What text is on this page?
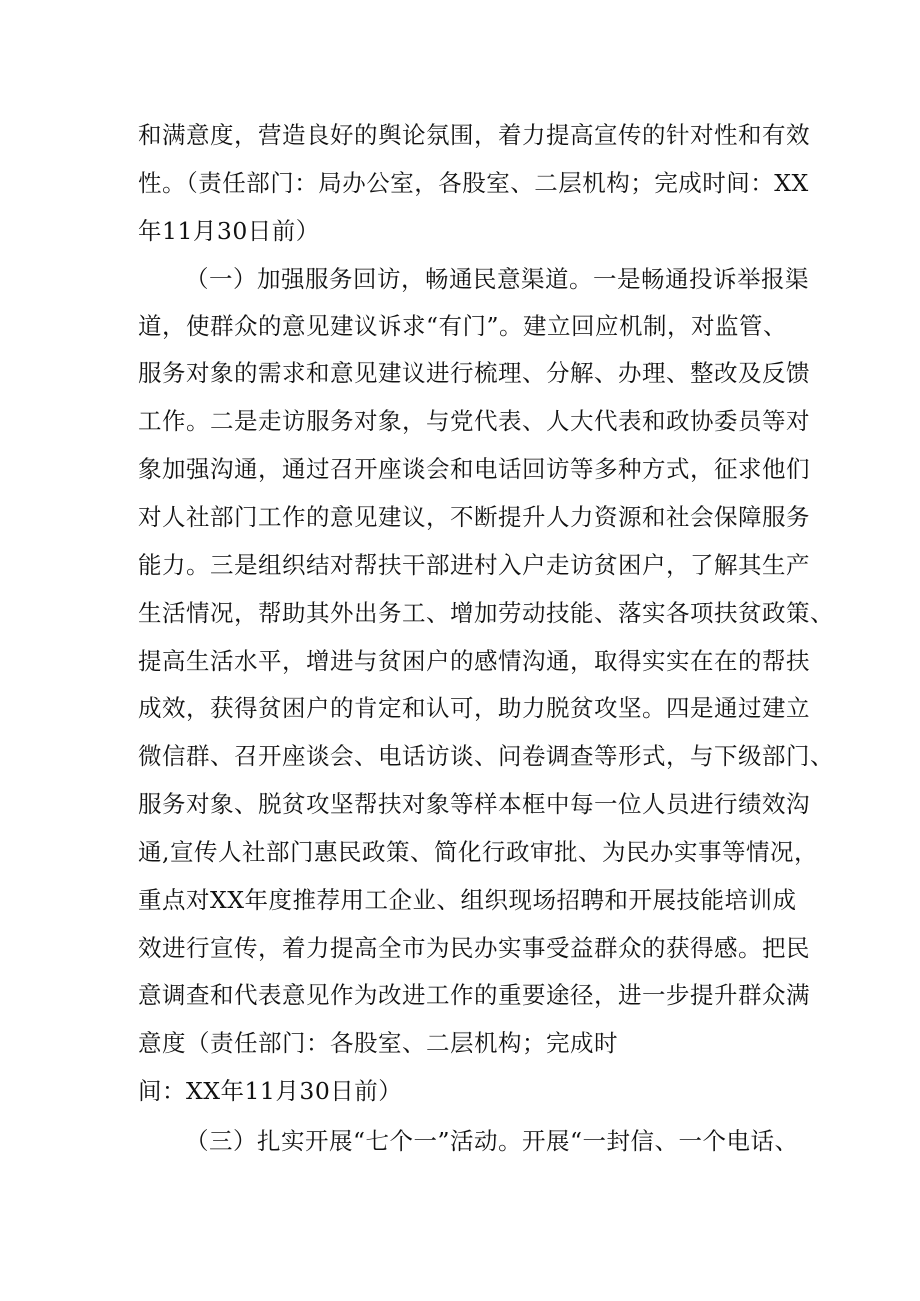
和满意度，营造良好的舆论氛围，着力提高宣传的针对性和有效
性。（责任部门：局办公室，各股室、二层机构；完成时间：XX
年11月30日前）
（一）加强服务回访，畅通民意渠道。一是畅通投诉举报渠
道，使群众的意见建议诉求“有门”。建立回应机制，对监管、
服务对象的需求和意见建议进行梳理、分解、办理、整改及反馈
工作。二是走访服务对象，与党代表、人大代表和政协委员等对
象加强沟通，通过召开座谈会和电话回访等多种方式，征求他们
对人社部门工作的意见建议，不断提升人力资源和社会保障服务
能力。三是组织结对帮扶干部进村入户走访贫困户，了解其生产
生活情况，帮助其外出务工、增加劳动技能、落实各项扶贫政策、
提高生活水平，增进与贫困户的感情沟通，取得实实在在的帮扶
成效，获得贫困户的肯定和认可，助力脱贫攻坚。四是通过建立
微信群、召开座谈会、电话访谈、问卷调查等形式，与下级部门、
服务对象、脱贫攻坚帮扶对象等样本框中每一位人员进行绩效沟
通,宣传人社部门惠民政策、简化行政审批、为民办实事等情况，
重点对XX年度推荐用工企业、组织现场招聘和开展技能培训成
效进行宣传，着力提高全市为民办实事受益群众的获得感。把民
意调查和代表意见作为改进工作的重要途径，进一步提升群众满
意度（责任部门：各股室、二层机构；完成时
间：XX年11月30日前）
（三）扎实开展“七个一”活动。开展“一封信、一个电话、
